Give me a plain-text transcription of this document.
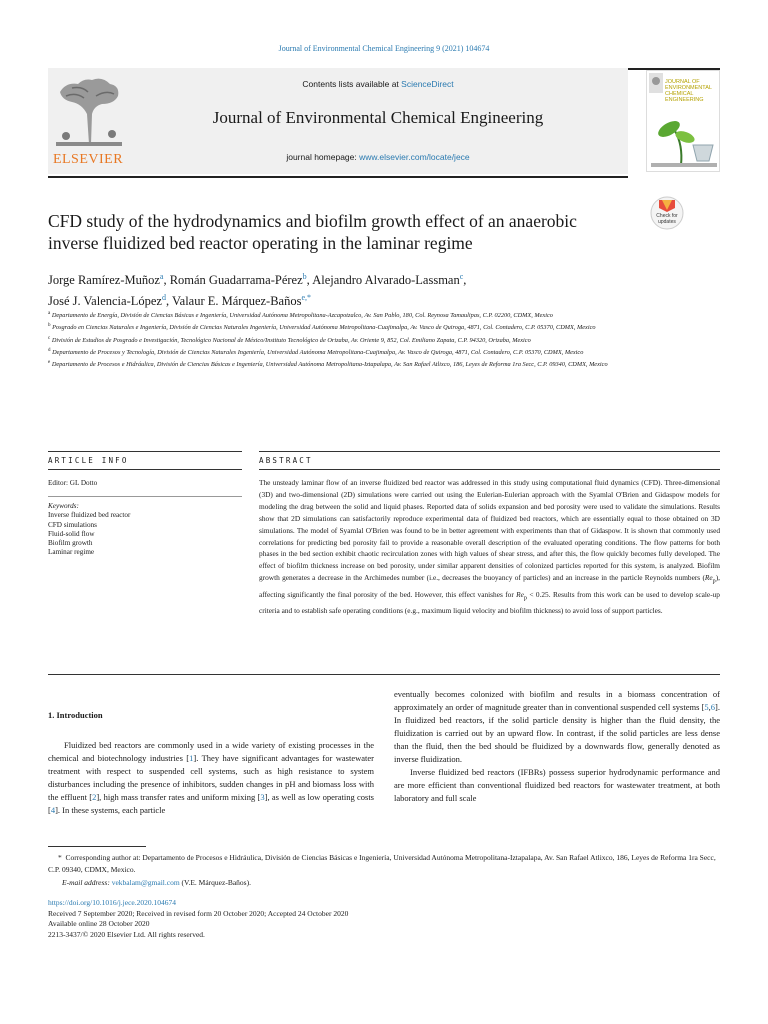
Journal of Environmental Chemical Engineering 9 (2021) 104674
ELSEVIER
Contents lists available at ScienceDirect
Journal of Environmental Chemical Engineering
journal homepage: www.elsevier.com/locate/jece
JOURNAL OF ENVIRONMENTAL CHEMICAL ENGINEERING
Check for updates
CFD study of the hydrodynamics and biofilm growth effect of an anaerobic
inverse fluidized bed reactor operating in the laminar regime
Jorge Ramírez-Muñoz$^a$, Román Guadarrama-Pérez$^b$, Alejandro Alvarado-Lassman$^c$,
José J. Valencia-López$^d$, Valaur E. Márquez-Baños$^{e,*}$

$^a$ Departamento de Energía, División de Ciencias Básicas e Ingeniería, Universidad Autónoma Metropolitana-Azcapotzalco, Av. San Pablo, 180, Col. Reynosa Tamaulipas, C.P. 02200, CDMX, Mexico

$^b$ Posgrado en Ciencias Naturales e Ingeniería, División de Ciencias Naturales Ingeniería, Universidad Autónoma Metropolitana-Cuajimalpa, Av. Vasco de Quiroga, 4871, Col. Contadero, C.P. 05370, CDMX, Mexico

$^c$ División de Estudios de Posgrado e Investigación, Tecnológico Nacional de México/Instituto Tecnológico de Orizaba, Av. Oriente 9, 852, Col. Emiliano Zapata, C.P. 94320, Orizaba, Mexico

$^d$ Departamento de Procesos y Tecnología, División de Ciencias Naturales Ingeniería, Universidad Autónoma Metropolitana-Cuajimalpa, Av. Vasco de Quiroga, 4871, Col. Contadero, C.P. 05370, CDMX, Mexico

$^e$ Departamento de Procesos e Hidráulica, División de Ciencias Básicas e Ingeniería, Universidad Autónoma Metropolitana-Iztapalapa, Av. San Rafael Atlixco, 186, Leyes de Reforma 1ra Secc, C.P. 09340, CDMX, Mexico

ARTICLE INFO	ABSTRACT
Editor: GL Dotto
Keywords:
Inverse fluidized bed reactor
CFD simulations
Fluid-solid flow
Biofilm growth
Laminar regime
The unsteady laminar flow of an inverse fluidized bed reactor was addressed in this study using computational fluid dynamics (CFD). Three-dimensional (3D) and two-dimensional (2D) simulations were carried out using the Eulerian-Eulerian approach with the Syamlal O'Brien and Gidaspow models for modeling the drag between the solid and liquid phases. Reported data of solids expansion and bed porosity were used to validate the simulations. Results show that 2D simulations can satisfactorily reproduce experimental data of fluidized bed reactors, which are essentially equal to those obtained on 3D simulations. The model of Syamlal O'Brien was found to be in better agreement with experiments than that of Gidaspow. It is shown that commonly used correlations for predicting bed porosity fail to provide a reasonable overall description of the evaluated operating conditions. The flow patterns for both phases in the bed section exhibit chaotic recirculation zones with high values of shear stress, and after this, the flow quickly becomes fully developed. The effect of biofilm thickness increase on bed porosity, under similar apparent densities of colonized particles reported for this system, is analyzed. Biofilm growth generates a decrease in the Archimedes number (i.e., decreases the buoyancy of particles) and an increase in the particle Reynolds numbers $(Re_p)$, affecting significantly the final porosity of the bed. However, this effect vanishes for $Re_p < 0.25$. Results from this work can be used to develop scale-up criteria and to establish safe operating conditions (e.g., maximum liquid velocity and biofilm thickness) to avoid loss of support particles.
1. Introduction

Fluidized bed reactors are commonly used in a wide variety of existing processes in the chemical and biotechnology industries [1]. They have significant advantages for wastewater treatment with respect to suspended cell systems, such as high resistance to system disturbances including the presence of inhibitors, sudden changes in pH and biomass loss with the effluent [2], high mass transfer rates and uniform mixing [3], as well as low operating costs [4]. In these systems, each particle

eventually becomes colonized with biofilm and results in a biomass concentration of approximately an order of magnitude greater than in conventional suspended cell systems [5,6]. In fluidized bed reactors, if the solid particle density is higher than the fluid density, the fluidization is carried out by an upward flow. In contrast, if the solid particles are less dense than the fluid, then the bed should be fluidized by a downwards flow, generally denoted as inverse fluidization.

Inverse fluidized bed reactors (IFBRs) possess superior hydrodynamic performance and are more efficient than conventional fluidized bed reactors for wastewater treatment, at both laboratory and full scale

* Corresponding author at: Departamento de Procesos e Hidráulica, División de Ciencias Básicas e Ingeniería, Universidad Autónoma Metropolitana-Iztapalapa, Av. San Rafael Atlixco, 186, Leyes de Reforma 1ra Secc, C.P. 09340, CDMX, Mexico.
E-mail address: vekbalam@gmail.com (V.E. Márquez-Baños).
https://doi.org/10.1016/j.jece.2020.104674
Received 7 September 2020; Received in revised form 20 October 2020; Accepted 24 October 2020
Available online 28 October 2020
2213-3437/© 2020 Elsevier Ltd. All rights reserved.
